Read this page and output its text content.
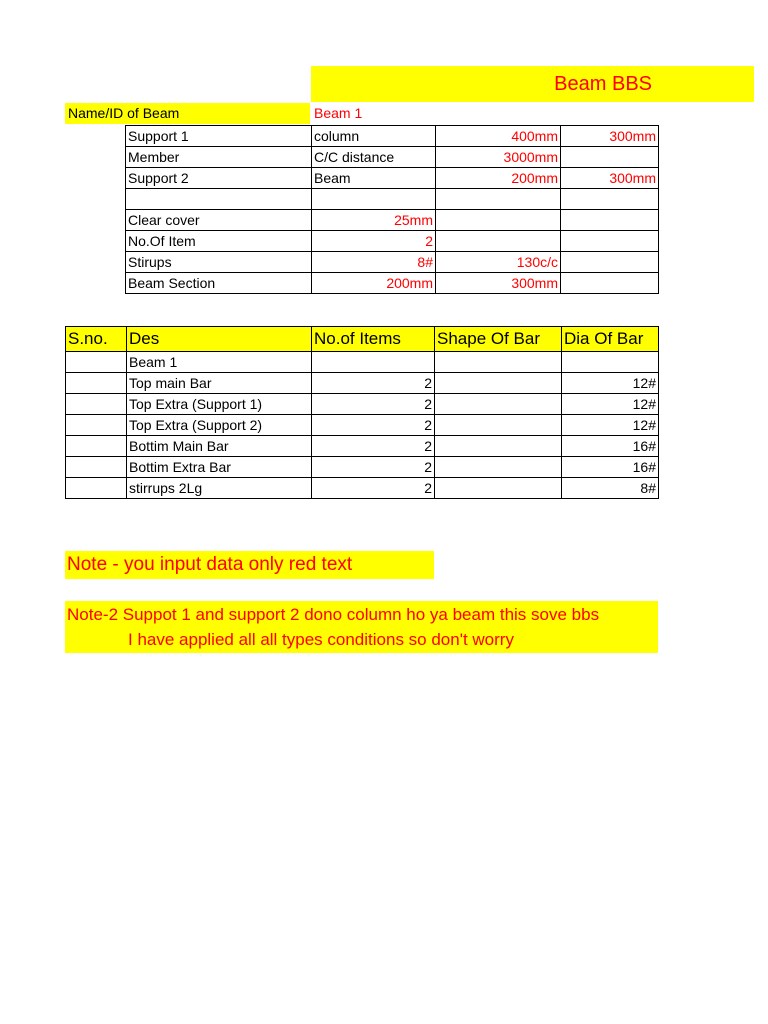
Beam BBS
Name/ID of Beam	Beam 1
Support 1	column	400mm	300mm
Member	C/C distance	3000mm	
Support 2	Beam	200mm	300mm

Clear cover	25mm		
No.Of Item	2		
Stirups	8#	130c/c	
Beam Section	200mm	300mm	
S.no.	Des	No.of Items	Shape Of Bar	Dia Of Bar
	Beam 1			
	Top main Bar	2		12#
	Top Extra (Support 1)	2		12#
	Top Extra (Support 2)	2		12#
	Bottim Main Bar	2		16#
	Bottim Extra Bar	2		16#
	stirrups 2Lg	2		8#
Note - you input data only red text
Note-2 Suppot 1 and support 2 dono column ho ya beam this sove bbs
I have applied all all types conditions so don't worry
